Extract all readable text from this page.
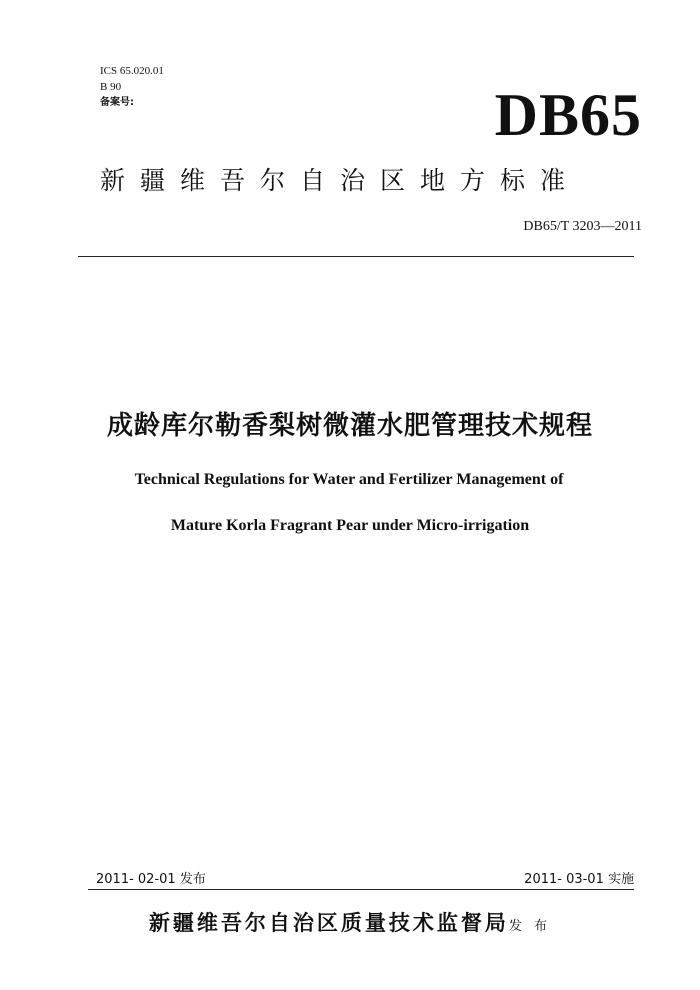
ICS 65.020.01
B 90
备案号:	DB65
新疆维吾尔自治区地方标准
DB65/T 3203—2011
成龄库尔勒香梨树微灌水肥管理技术规程
Technical Regulations for Water and Fertilizer Management of
Mature Korla Fragrant Pear under Micro-irrigation
2011- 02-01 发布	2011- 03-01 实施
新疆维吾尔自治区质量技术监督局发 布
